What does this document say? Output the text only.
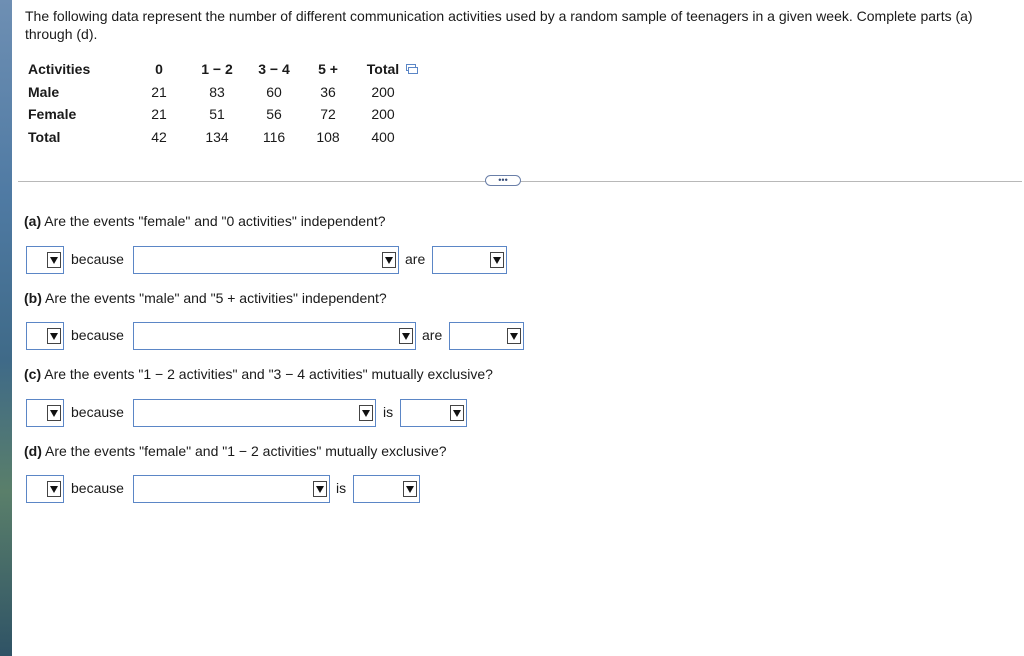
The following data represent the number of different communication activities used by a random sample of teenagers in a given week. Complete parts (a) through (d).
Activities	0	1 − 2	3 − 4	5 +	Total
Male	21	83	60	36	200
Female	21	51	56	72	200
Total	42	134	116	108	400
•••
(a) Are the events "female" and "0 activities" independent?
because	are
(b) Are the events "male" and "5 + activities" independent?
because	are
(c) Are the events "1 − 2 activities" and "3 − 4 activities" mutually exclusive?
because	is
(d) Are the events "female" and "1 − 2 activities" mutually exclusive?
because	is
